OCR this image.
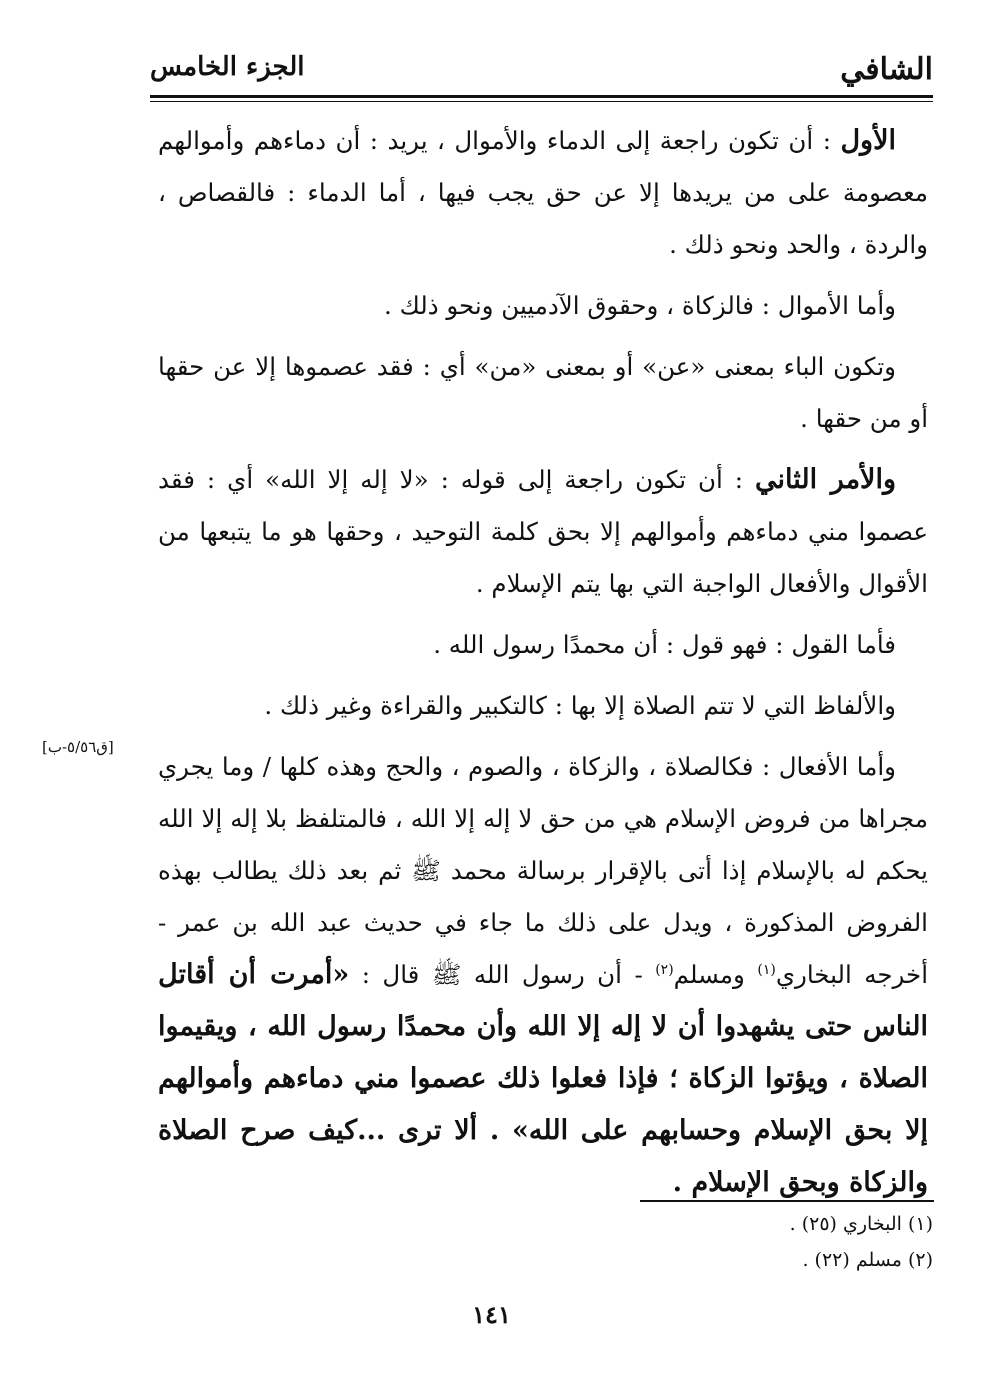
الشافي
الجزء الخامس

الأول : أن تكون راجعة إلى الدماء والأموال ، يريد : أن دماءهم وأموالهم معصومة على من يريدها إلا عن حق يجب فيها ، أما الدماء : فالقصاص ، والردة ، والحد ونحو ذلك .

وأما الأموال : فالزكاة ، وحقوق الآدميين ونحو ذلك .

وتكون الباء بمعنى «عن» أو بمعنى «من» أي : فقد عصموها إلا عن حقها أو من حقها .

والأمر الثاني : أن تكون راجعة إلى قوله : «لا إله إلا الله» أي : فقد عصموا مني دماءهم وأموالهم إلا بحق كلمة التوحيد ، وحقها هو ما يتبعها من الأقوال والأفعال الواجبة التي بها يتم الإسلام .

فأما القول : فهو قول : أن محمدًا رسول الله .

والألفاظ التي لا تتم الصلاة إلا بها : كالتكبير والقراءة وغير ذلك .

وأما الأفعال : فكالصلاة ، والزكاة ، والصوم ، والحج وهذه كلها / وما يجري مجراها من فروض الإسلام هي من حق لا إله إلا الله ، فالمتلفظ بلا إله إلا الله يحكم له بالإسلام إذا أتى بالإقرار برسالة محمد ﷺ ثم بعد ذلك يطالب بهذه الفروض المذكورة ، ويدل على ذلك ما جاء في حديث عبد الله بن عمر - أخرجه البخاري$^{(١)}$ ومسلم$^{(٢)}$ - أن رسول الله ﷺ قال : «أمرت أن أقاتل الناس حتى يشهدوا أن لا إله إلا الله وأن محمدًا رسول الله ، ويقيموا الصلاة ، ويؤتوا الزكاة ؛ فإذا فعلوا ذلك عصموا مني دماءهم وأموالهم إلا بحق الإسلام وحسابهم على الله» . ألا ترى ...كيف صرح الصلاة والزكاة وبحق الإسلام .

[ق٥/٥٦-ب]
(١) البخاري (٢٥) .
(٢) مسلم (٢٢) .
١٤١
